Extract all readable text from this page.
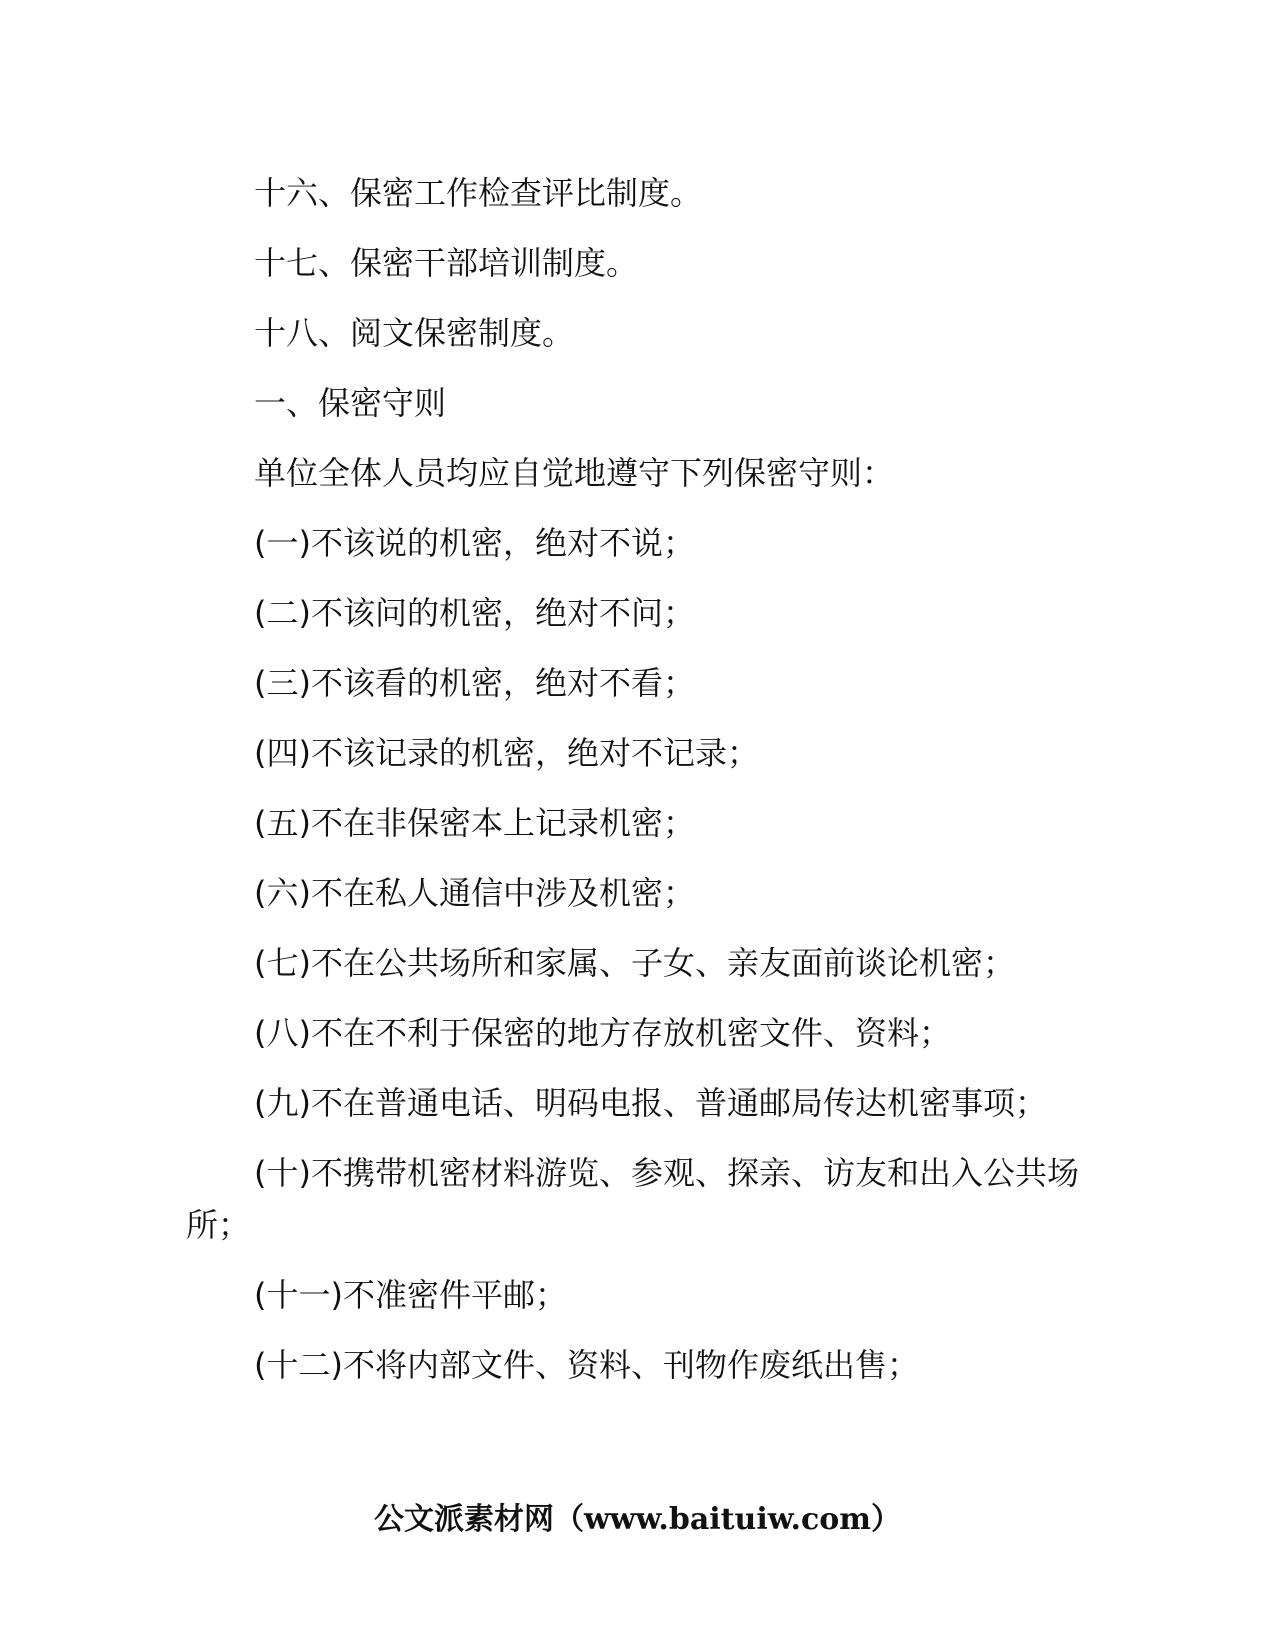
十六、保密工作检查评比制度。

十七、保密干部培训制度。

十八、阅文保密制度。

一、保密守则

单位全体人员均应自觉地遵守下列保密守则：

(一)不该说的机密，绝对不说；

(二)不该问的机密，绝对不问；

(三)不该看的机密，绝对不看；

(四)不该记录的机密，绝对不记录；

(五)不在非保密本上记录机密；

(六)不在私人通信中涉及机密；

(七)不在公共场所和家属、子女、亲友面前谈论机密；

(八)不在不利于保密的地方存放机密文件、资料；

(九)不在普通电话、明码电报、普通邮局传达机密事项；

(十)不携带机密材料游览、参观、探亲、访友和出入公共场所；

(十一)不准密件平邮；

(十二)不将内部文件、资料、刊物作废纸出售；

公文派素材网（www.baituiw.com）
